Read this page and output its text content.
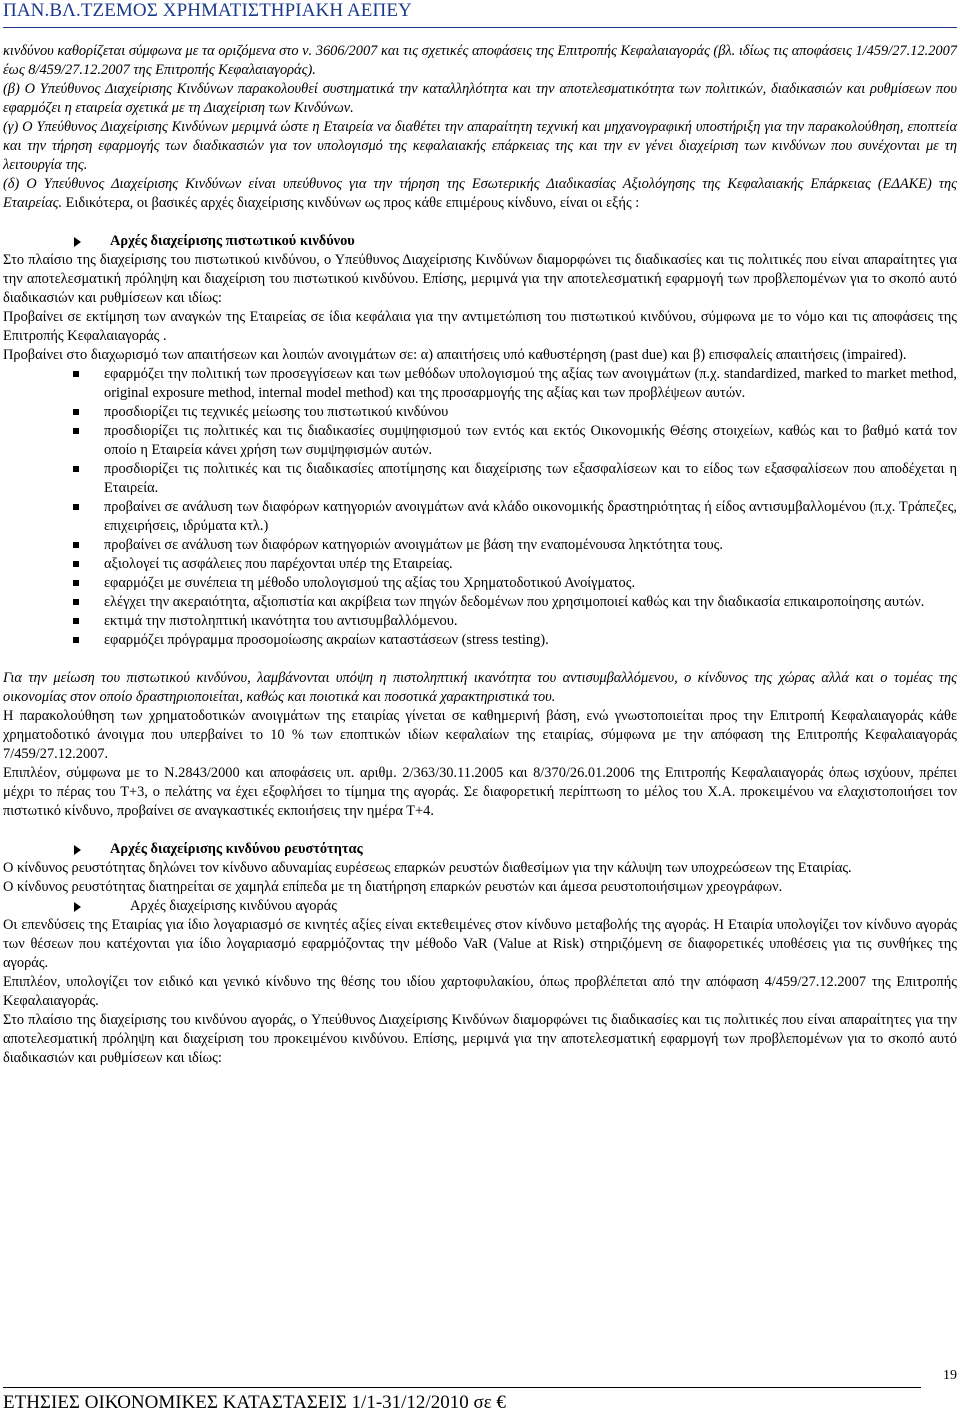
ΠΑΝ.ΒΛ.ΤΖΕΜΟΣ ΧΡΗΜΑΤΙΣΤΗΡΙΑΚΗ ΑΕΠΕΥ

κινδύνου καθορίζεται σύμφωνα με τα οριζόμενα στο ν. 3606/2007 και τις σχετικές αποφάσεις της Επιτροπής Κεφαλαιαγοράς (βλ. ιδίως τις αποφάσεις 1/459/27.12.2007 έως 8/459/27.12.2007 της Επιτροπής Κεφαλαιαγοράς).

(β) Ο Υπεύθυνος Διαχείρισης Κινδύνων παρακολουθεί συστηματικά την καταλληλότητα και την αποτελεσματικότητα των πολιτικών, διαδικασιών και ρυθμίσεων που εφαρμόζει η εταιρεία σχετικά με τη Διαχείριση των Κινδύνων.

(γ) Ο Υπεύθυνος Διαχείρισης Κινδύνων μεριμνά ώστε η Εταιρεία να διαθέτει την απαραίτητη τεχνική και μηχανογραφική υποστήριξη για την παρακολούθηση, εποπτεία και την τήρηση εφαρμογής των διαδικασιών για τον υπολογισμό της κεφαλαιακής επάρκειας της και την εν γένει διαχείριση των κινδύνων που συνέχονται με τη λειτουργία της.

(δ) Ο Υπεύθυνος Διαχείρισης Κινδύνων είναι υπεύθυνος για την τήρηση της Εσωτερικής Διαδικασίας Αξιολόγησης της Κεφαλαιακής Επάρκειας (ΕΔΑΚΕ) της Εταιρείας. Ειδικότερα, οι βασικές αρχές διαχείρισης κινδύνων ως προς κάθε επιμέρους κίνδυνο, είναι οι εξής :

Αρχές διαχείρισης πιστωτικού κινδύνου

Στο πλαίσιο της διαχείρισης του πιστωτικού κινδύνου, ο Υπεύθυνος Διαχείρισης Κινδύνων διαμορφώνει τις διαδικασίες και τις πολιτικές που είναι απαραίτητες για την αποτελεσματική πρόληψη και διαχείριση του πιστωτικού κινδύνου. Επίσης, μεριμνά για την αποτελεσματική εφαρμογή των προβλεπομένων για το σκοπό αυτό διαδικασιών και ρυθμίσεων και ιδίως:

Προβαίνει σε εκτίμηση των αναγκών της Εταιρείας σε ίδια κεφάλαια για την αντιμετώπιση του πιστωτικού κινδύνου, σύμφωνα με το νόμο και τις αποφάσεις της Επιτροπής Κεφαλαιαγοράς .

Προβαίνει στο διαχωρισμό των απαιτήσεων και λοιπών ανοιγμάτων σε: α) απαιτήσεις υπό καθυστέρηση (past due) και β) επισφαλείς απαιτήσεις (impaired).

εφαρμόζει την πολιτική των προσεγγίσεων και των μεθόδων υπολογισμού της αξίας των ανοιγμάτων (π.χ. standardized, marked to market method, original exposure method, internal model method) και της προσαρμογής της αξίας και των προβλέψεων αυτών.
προσδιορίζει τις τεχνικές μείωσης του πιστωτικού κινδύνου
προσδιορίζει τις πολιτικές και τις διαδικασίες συμψηφισμού των εντός και εκτός Οικονομικής Θέσης στοιχείων, καθώς και το βαθμό κατά τον οποίο η Εταιρεία κάνει χρήση των συμψηφισμών αυτών.
προσδιορίζει τις πολιτικές και τις διαδικασίες αποτίμησης και διαχείρισης των εξασφαλίσεων και το είδος των εξασφαλίσεων που αποδέχεται η Εταιρεία.
προβαίνει σε ανάλυση των διαφόρων κατηγοριών ανοιγμάτων ανά κλάδο οικονομικής δραστηριότητας ή είδος αντισυμβαλλομένου (π.χ. Τράπεζες, επιχειρήσεις, ιδρύματα κτλ.)
προβαίνει σε ανάλυση των διαφόρων κατηγοριών ανοιγμάτων με βάση την εναπομένουσα ληκτότητα τους.
αξιολογεί τις ασφάλειες που παρέχονται υπέρ της Εταιρείας.
εφαρμόζει με συνέπεια τη μέθοδο υπολογισμού της αξίας του Χρηματοδοτικού Ανοίγματος.
ελέγχει την ακεραιότητα, αξιοπιστία και ακρίβεια των πηγών δεδομένων που χρησιμοποιεί καθώς και την διαδικασία επικαιροποίησης αυτών.
εκτιμά την πιστοληπτική ικανότητα του αντισυμβαλλόμενου.
εφαρμόζει πρόγραμμα προσομοίωσης ακραίων καταστάσεων (stress testing).

Για την μείωση του πιστωτικού κινδύνου, λαμβάνονται υπόψη η πιστοληπτική ικανότητα του αντισυμβαλλόμενου, ο κίνδυνος της χώρας αλλά και ο τομέας της οικονομίας στον οποίο δραστηριοποιείται, καθώς και ποιοτικά και ποσοτικά χαρακτηριστικά του.

Η παρακολούθηση των χρηματοδοτικών ανοιγμάτων της εταιρίας γίνεται σε καθημερινή βάση, ενώ γνωστοποιείται προς την Επιτροπή Κεφαλαιαγοράς κάθε χρηματοδοτικό άνοιγμα που υπερβαίνει το 10 % των εποπτικών ιδίων κεφαλαίων της εταιρίας, σύμφωνα με την απόφαση της Επιτροπής Κεφαλαιαγοράς 7/459/27.12.2007.

Επιπλέον, σύμφωνα με το Ν.2843/2000 και αποφάσεις υπ. αριθμ. 2/363/30.11.2005 και 8/370/26.01.2006 της Επιτροπής Κεφαλαιαγοράς όπως ισχύουν, πρέπει μέχρι το πέρας του Τ+3, ο πελάτης να έχει εξοφλήσει το τίμημα της αγοράς. Σε διαφορετική περίπτωση το μέλος του Χ.Α. προκειμένου να ελαχιστοποιήσει τον πιστωτικό κίνδυνο, προβαίνει σε αναγκαστικές εκποιήσεις την ημέρα Τ+4.

Αρχές διαχείρισης κινδύνου ρευστότητας

Ο κίνδυνος ρευστότητας δηλώνει τον κίνδυνο αδυναμίας ευρέσεως επαρκών ρευστών διαθεσίμων για την κάλυψη των υποχρεώσεων της Εταιρίας.

Ο κίνδυνος ρευστότητας διατηρείται σε χαμηλά επίπεδα με τη διατήρηση επαρκών ρευστών και άμεσα ρευστοποιήσιμων χρεογράφων.

Αρχές διαχείρισης κινδύνου αγοράς

Οι επενδύσεις της Εταιρίας για ίδιο λογαριασμό σε κινητές αξίες είναι εκτεθειμένες στον κίνδυνο μεταβολής της αγοράς. Η Εταιρία υπολογίζει τον κίνδυνο αγοράς των θέσεων που κατέχονται για ίδιο λογαριασμό εφαρμόζοντας την μέθοδο VaR (Value at Risk) στηριζόμενη σε διαφορετικές υποθέσεις για τις συνθήκες της αγοράς.

Επιπλέον, υπολογίζει τον ειδικό και γενικό κίνδυνο της θέσης του ιδίου χαρτοφυλακίου, όπως προβλέπεται από την απόφαση 4/459/27.12.2007 της Επιτροπής Κεφαλαιαγοράς.

Στο πλαίσιο της διαχείρισης του κινδύνου αγοράς, ο Υπεύθυνος Διαχείρισης Κινδύνων διαμορφώνει τις διαδικασίες και τις πολιτικές που είναι απαραίτητες για την αποτελεσματική πρόληψη και διαχείριση του προκειμένου κινδύνου. Επίσης, μεριμνά για την αποτελεσματική εφαρμογή των προβλεπομένων για το σκοπό αυτό διαδικασιών και ρυθμίσεων και ιδίως:

19
ΕΤΗΣΙΕΣ ΟΙΚΟΝΟΜΙΚΕΣ ΚΑΤΑΣΤΑΣΕΙΣ 1/1-31/12/2010 σε €
